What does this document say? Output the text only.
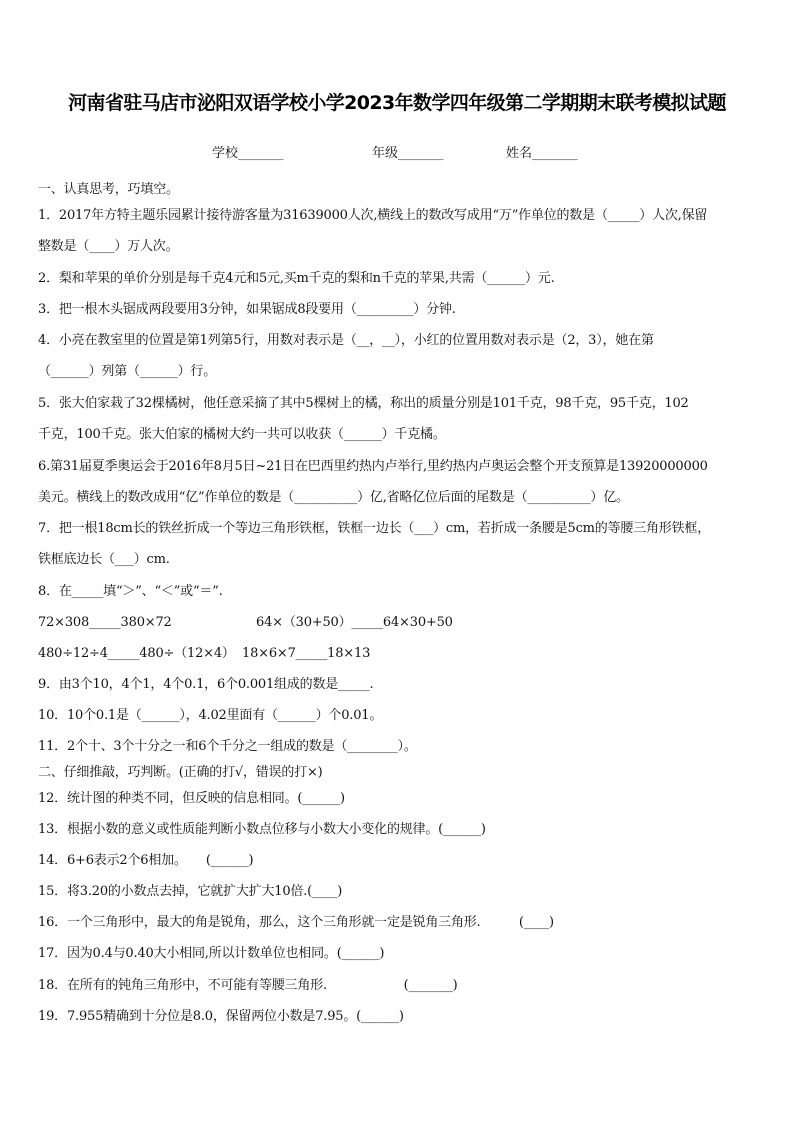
河南省驻马店市泌阳双语学校小学2023年数学四年级第二学期期末联考模拟试题
学校_______	年级_______	姓名_______
一、认真思考，巧填空。
1．2017年方特主题乐园累计接待游客量为31639000人次,横线上的数改写成用“万”作单位的数是（_____）人次,保留
整数是（____）万人次。
2．梨和苹果的单价分别是每千克4元和5元,买m千克的梨和n千克的苹果,共需（______）元.
3．把一根木头锯成两段要用3分钟，如果锯成8段要用（_________）分钟.
4．小亮在教室里的位置是第1列第5行，用数对表示是（__，__），小红的位置用数对表示是（2，3），她在第
（______）列第（______）行。
5．张大伯家栽了32棵橘树，他任意采摘了其中5棵树上的橘，称出的质量分别是101千克，98千克，95千克，102
千克，100千克。张大伯家的橘树大约一共可以收获（______）千克橘。
6.第31届夏季奥运会于2016年8月5日~21日在巴西里约热内卢举行,里约热内卢奥运会整个开支预算是13920000000
美元。横线上的数改成用“亿”作单位的数是（__________）亿,省略亿位后面的尾数是（__________）亿。
7．把一根18cm长的铁丝折成一个等边三角形铁框，铁框一边长（___）cm，若折成一条腰是5cm的等腰三角形铁框，
铁框底边长（___）cm.
8．在_____填“＞”、“＜”或“＝”.
72×308_____380×72	64×（30+50）_____64×30+50
480÷12÷4_____480÷（12×4） 18×6×7_____18×13
9．由3个10，4个1，4个0.1，6个0.001组成的数是_____.
10．10个0.1是（______），4.02里面有（______）个0.01。
11．2个十、3个十分之一和6个千分之一组成的数是（________）。
二、仔细推敲，巧判断。(正确的打√，错误的打×)
12．统计图的种类不同，但反映的信息相同。(______)
13．根据小数的意义或性质能判断小数点位移与小数大小变化的规律。(______)
14．6+6表示2个6相加。　　(______)
15．将3.20的小数点去掉，它就扩大扩大10倍.(____)
16．一个三角形中，最大的角是锐角，那么，这个三角形就一定是锐角三角形.　　　(____)
17．因为0.4与0.40大小相同,所以计数单位也相同。(______)
18．在所有的钝角三角形中，不可能有等腰三角形.　　　　　　(_______)
19．7.955精确到十分位是8.0，保留两位小数是7.95。(______)
